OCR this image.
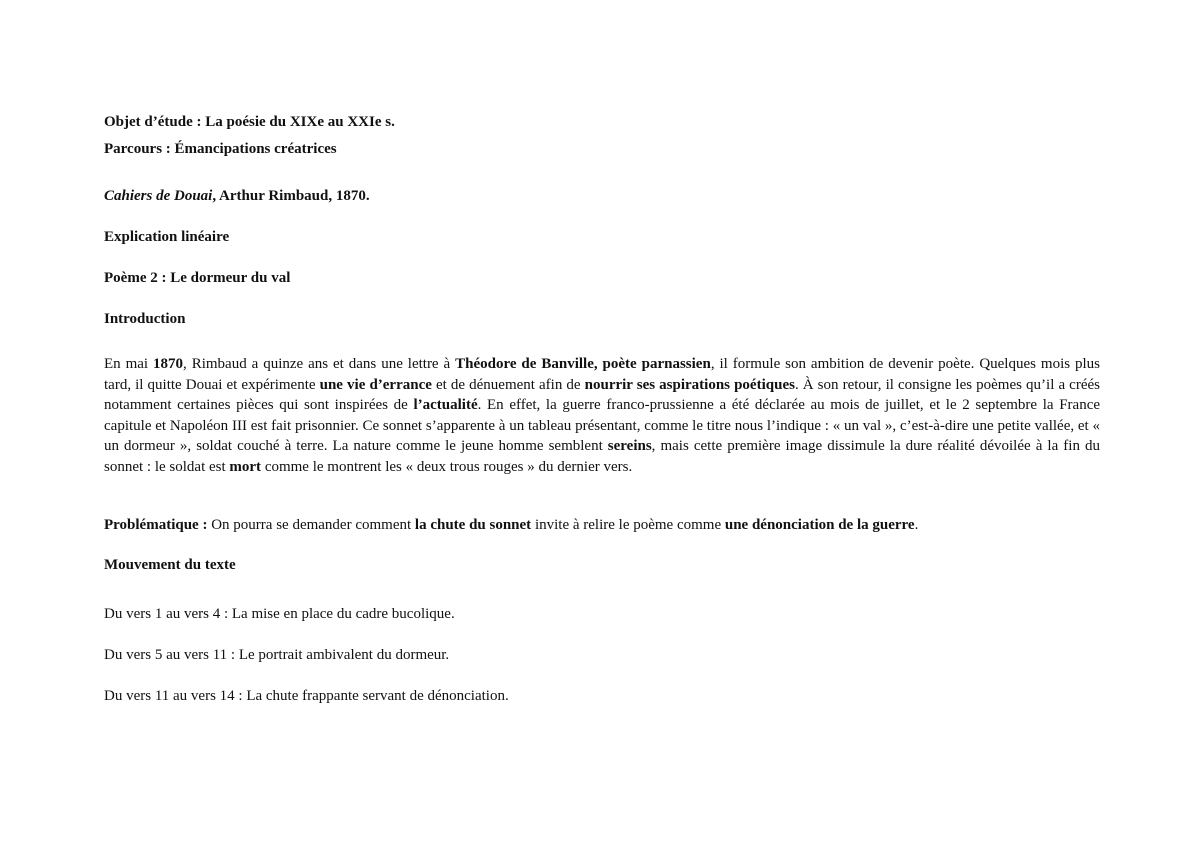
Objet d’étude : La poésie du XIXe au XXIe s.
Parcours : Émancipations créatrices
Cahiers de Douai, Arthur Rimbaud, 1870.
Explication linéaire
Poème 2 : Le dormeur du val
Introduction
En mai 1870, Rimbaud a quinze ans et dans une lettre à Théodore de Banville, poète parnassien, il formule son ambition de devenir poète. Quelques mois plus tard, il quitte Douai et expérimente une vie d’errance et de dénuement afin de nourrir ses aspirations poétiques. À son retour, il consigne les poèmes qu’il a créés notamment certaines pièces qui sont inspirées de l’actualité. En effet, la guerre franco-prussienne a été déclarée au mois de juillet, et le 2 septembre la France capitule et Napoléon III est fait prisonnier. Ce sonnet s’apparente à un tableau présentant, comme le titre nous l’indique : « un val », c’est-à-dire une petite vallée, et « un dormeur », soldat couché à terre. La nature comme le jeune homme semblent sereins, mais cette première image dissimule la dure réalité dévoilée à la fin du sonnet : le soldat est mort comme le montrent les « deux trous rouges » du dernier vers.
Problématique : On pourra se demander comment la chute du sonnet invite à relire le poème comme une dénonciation de la guerre.
Mouvement du texte
Du vers 1 au vers 4 : La mise en place du cadre bucolique.
Du vers 5 au vers 11 : Le portrait ambivalent du dormeur.
Du vers 11 au vers 14 : La chute frappante servant de dénonciation.
